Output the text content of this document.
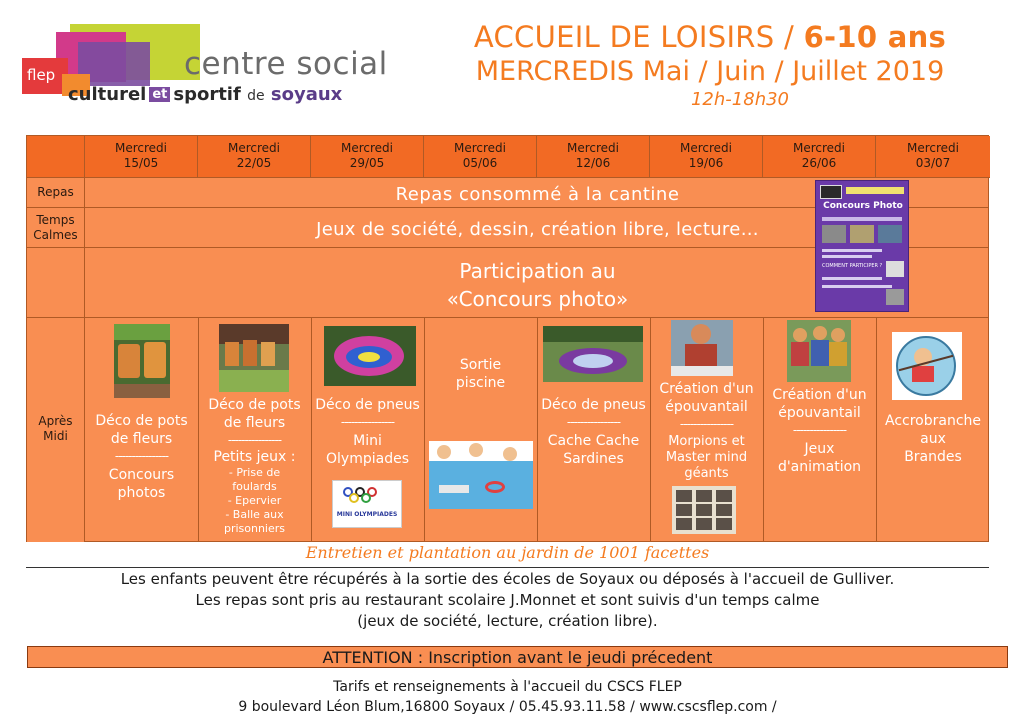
flep	centre social
culturel et sportif de soyaux
ACCUEIL DE LOISIRS / 6-10 ans
MERCREDIS Mai / Juin / Juillet 2019
12h-18h30
Mercredi
15/05
Mercredi
22/05
Mercredi
29/05
Mercredi
05/06
Mercredi
12/06
Mercredi
19/06
Mercredi
26/06
Mercredi
03/07
Repas
Temps
Calmes
Après
Midi
Repas consommé à la cantine
Jeux de société, dessin, création libre, lecture…
Participation au
«Concours photo»
Concours Photo
COMMENT PARTICIPER ?
Déco de pots
de fleurs
----------------
Concours
photos
Déco de pots
de fleurs
----------------
Petits jeux :
- Prise de
foulards
- Epervier
- Balle aux
prisonniers
Déco de pneus
----------------
Mini
Olympiades
MINI OLYMPIADES
Sortie
piscine
Déco de pneus
----------------
Cache Cache
Sardines
Création d'un
épouvantail
----------------
Morpions et
Master mind
géants
Création d'un
épouvantail
----------------
Jeux
d'animation
Accrobranche
aux
Brandes
Entretien et plantation au jardin de 1001 facettes
Les enfants peuvent être récupérés à la sortie des écoles de Soyaux ou déposés à l'accueil de Gulliver.
Les repas sont pris au restaurant scolaire J.Monnet et sont suivis d'un temps calme
(jeux de société, lecture, création libre).
ATTENTION : Inscription avant le jeudi précedent
Tarifs et renseignements à l'accueil du CSCS FLEP
9 boulevard Léon Blum,16800 Soyaux / 05.45.93.11.58 / www.cscsflep.com /
